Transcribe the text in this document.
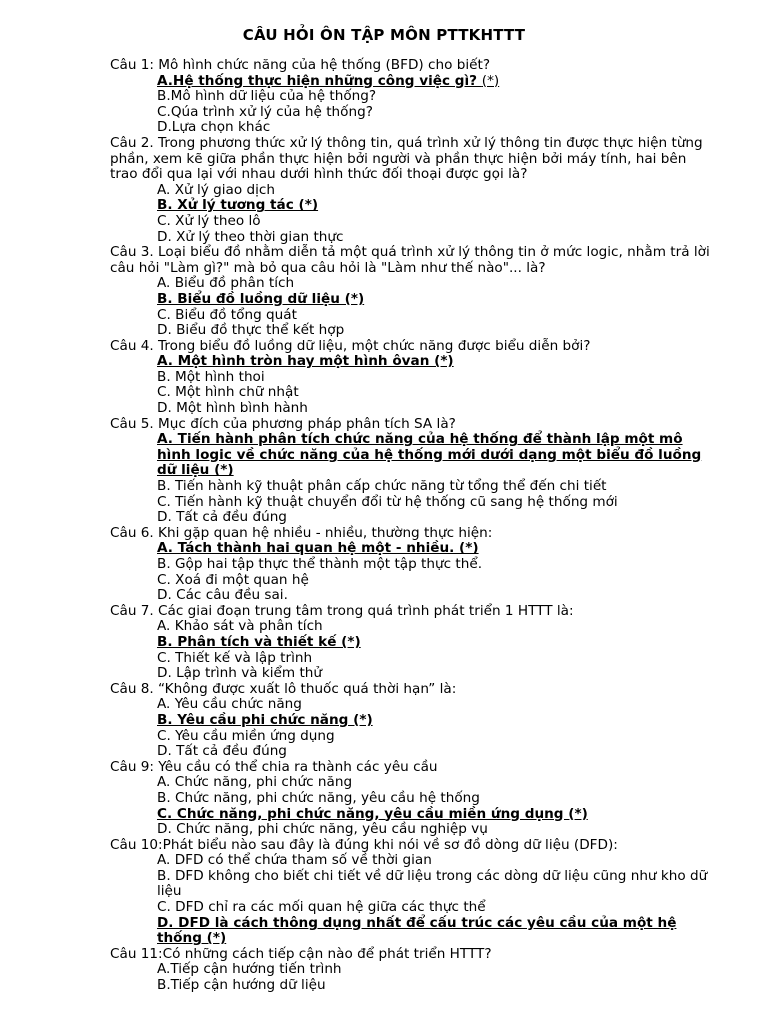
CÂU HỎI ÔN TẬP MÔN PTTKHTTT

Câu 1: Mô hình chức năng của hệ thống (BFD) cho biết?

A.Hệ thống thực hiện những công việc gì? (*)

B.Mô hình dữ liệu của hệ thống?

C.Qúa trình xử lý của hệ thống?

D.Lựa chọn khác

Câu 2. Trong phương thức xử lý thông tin, quá trình xử lý thông tin được thực hiện từng phần, xem kẽ giữa phần thực hiện bởi người và phần thực hiện bởi máy tính, hai bên trao đổi qua lại với nhau dưới hình thức đối thoại được gọi là?

A. Xử lý giao dịch

B. Xử lý tương tác (*)

C. Xử lý theo lô

D. Xử lý theo thời gian thực

Câu 3. Loại biểu đồ nhằm diễn tả một quá trình xử lý thông tin ở mức logic, nhằm trả lời câu hỏi "Làm gì?" mà bỏ qua câu hỏi là "Làm như thế nào"... là?

A. Biểu đồ phân tích

B. Biểu đồ luồng dữ liệu (*)

C. Biểu đồ tổng quát

D. Biểu đồ thực thể kết hợp

Câu 4. Trong biểu đồ luồng dữ liệu, một chức năng được biểu diễn bởi?

A. Một hình tròn hay một hình ôvan (*)

B. Một hình thoi

C. Một hình chữ nhật

D. Một hình bình hành

Câu 5. Mục đích của phương pháp phân tích SA là?

A. Tiến hành phân tích chức năng của hệ thống để thành lập một mô hình logic về chức năng của hệ thống mới dưới dạng một biểu đồ luồng dữ liệu (*)

B. Tiến hành kỹ thuật phân cấp chức năng từ tổng thể đến chi tiết

C. Tiến hành kỹ thuật chuyển đổi từ hệ thống cũ sang hệ thống mới

D. Tất cả đều đúng

Câu 6. Khi gặp quan hệ nhiều - nhiều, thường thực hiện:

A. Tách thành hai quan hệ một - nhiều. (*)

B. Gộp hai tập thực thể thành một tập thực thể.

C. Xoá đi một quan hệ

D. Các câu đều sai.

Câu 7. Các giai đoạn trung tâm trong quá trình phát triển 1 HTTT là:

A. Khảo sát và phân tích

B. Phân tích và thiết kế (*)

C. Thiết kế và lập trình

D. Lập trình và kiểm thử

Câu 8. “Không được xuất lô thuốc quá thời hạn” là:

A. Yêu cầu chức năng

B. Yêu cầu phi chức năng (*)

C. Yêu cầu miền ứng dụng

D. Tất cả đều đúng

Câu 9: Yêu cầu có thể chia ra thành các yêu cầu

A. Chức năng, phi chức năng

B. Chức năng, phi chức năng, yêu cầu hệ thống

C. Chức năng, phi chức năng, yêu cầu miền ứng dụng (*)

D. Chức năng, phi chức năng, yêu cầu nghiệp vụ

Câu 10:Phát biểu nào sau đây là đúng khi nói về sơ đồ dòng dữ liệu (DFD):

A. DFD có thể chứa tham số về thời gian

B. DFD không cho biết chi tiết về dữ liệu trong các dòng dữ liệu cũng như kho dữ liệu

C. DFD chỉ ra các mối quan hệ giữa các thực thể

D. DFD là cách thông dụng nhất để cấu trúc các yêu cầu của một hệ thống (*)

Câu 11:Có những cách tiếp cận nào để phát triển HTTT?

A.Tiếp cận hướng tiến trình

B.Tiếp cận hướng dữ liệu
